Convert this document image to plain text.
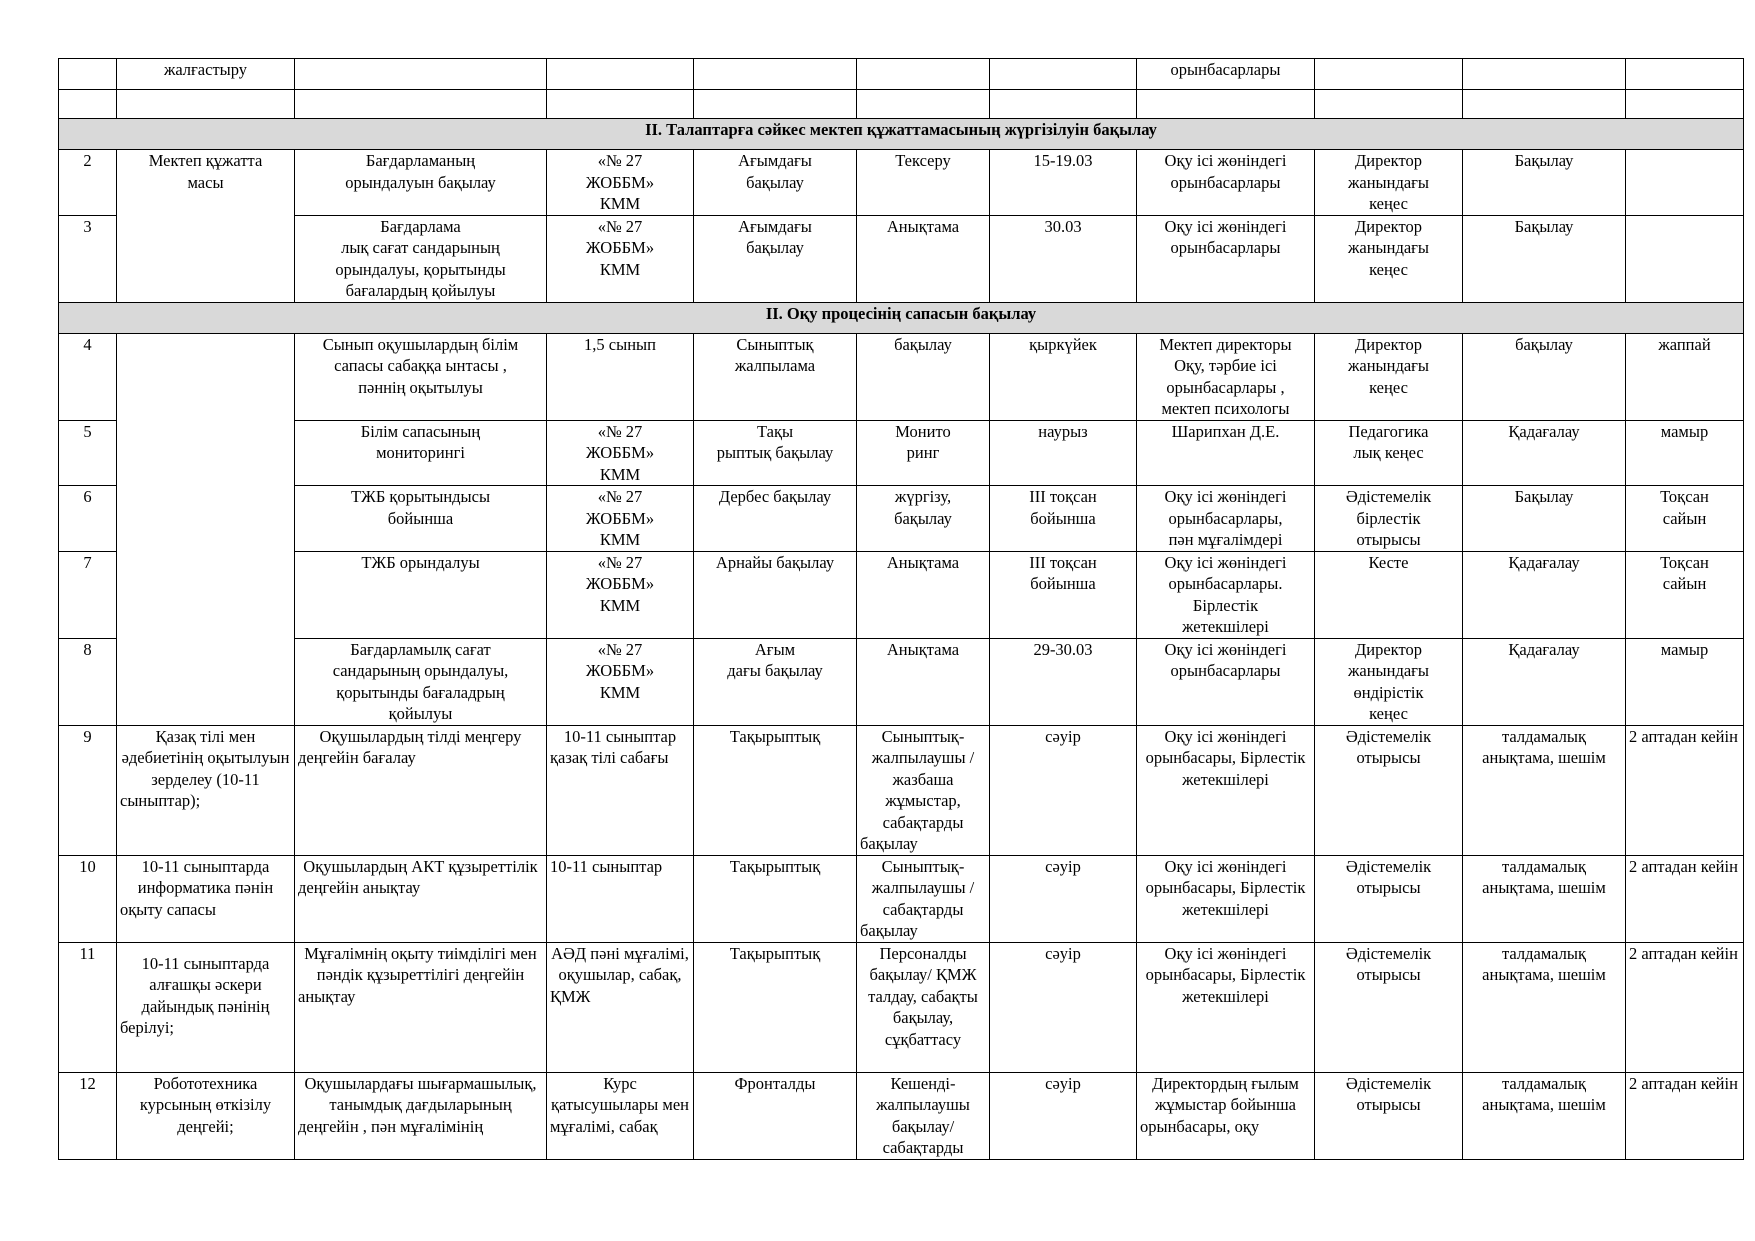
	жалғастыру						орынбасарлары			

ІІ. Талаптарға сәйкес мектеп құжаттамасының жүргізілуін бақылау										
2	Мектеп құжатта
масы	Бағдарламаның
орындалуын бақылау	«№ 27
ЖОББМ»
КММ	Ағымдағы
бақылау	Тексеру	15-19.03	Оқу ісі жөніндегі
орынбасарлары	Директор
жанындағы
кеңес	Бақылау	
3		Бағдарлама
лық сағат сандарының
орындалуы, қорытынды
бағалардың қойылуы	«№ 27
ЖОББМ»
КММ	Ағымдағы
бақылау	Анықтама	30.03	Оқу ісі жөніндегі
орынбасарлары	Директор
жанындағы
кеңес	Бақылау	
ІІ. Оқу процесінің сапасын бақылау										
4		Сынып оқушылардың білім
сапасы сабаққа ынтасы ,
пәннің оқытылуы	1,5 сынып	Сыныптық
жалпылама	бақылау	қыркүйек	Мектеп директоры
Оқу, тәрбие ісі
орынбасарлары ,
мектеп психологы	Директор
жанындағы
кеңес	бақылау	жаппай
5		Білім сапасының
мониторингі	«№ 27
ЖОББМ»
КММ	Тақы
рыптық бақылау	Монито
ринг	наурыз	Шарипхан Д.Е.	Педагогика
лық кеңес	Қадағалау	мамыр
6		ТЖБ қорытындысы
бойынша	«№ 27
ЖОББМ»
КММ	Дербес бақылау	жүргізу,
бақылау	ІІІ тоқсан
бойынша	Оқу ісі жөніндегі
орынбасарлары,
пән мұғалімдері	Әдістемелік
бірлестік
отырысы	Бақылау	Тоқсан
сайын

7		ТЖБ орындалуы	«№ 27
ЖОББМ»
КММ	Арнайы бақылау	Анықтама	ІІІ тоқсан
бойынша	Оқу ісі жөніндегі
орынбасарлары.
Бірлестік
жетекшілері	Кесте	Қадағалау	Тоқсан
сайын

8		Бағдарламылқ сағат
сандарының орындалуы,
қорытынды бағаладрың
қойылуы	«№ 27
ЖОББМ»
КММ	Ағым
дағы бақылау	Анықтама	29-30.03	Оқу ісі жөніндегі
орынбасарлары	Директор
жанындағы
өндірістік
кеңес	Қадағалау	мамыр
9	Қазақ тілі мен әдебиетінің оқытылуын зерделеу (10-11 сыныптар);	Оқушылардың тілді меңгеру деңгейін бағалау	10-11 сыныптар қазақ тілі сабағы	Тақырыптық	Сыныптық-жалпылаушы / жазбаша жұмыстар, сабақтарды бақылау	сәуір	Оқу ісі жөніндегі орынбасары, Бірлестік жетекшілері	Әдістемелік отырысы	талдамалық анықтама, шешім	2 аптадан кейін
10	10-11 сыныптарда информатика пәнін оқыту сапасы	Оқушылардың АКТ құзыреттілік деңгейін анықтау	10-11 сыныптар	Тақырыптық	Сыныптық-жалпылаушы / сабақтарды бақылау	сәуір	Оқу ісі жөніндегі орынбасары, Бірлестік жетекшілері	Әдістемелік отырысы	талдамалық анықтама, шешім	2 аптадан кейін
11	10-11 сыныптарда алғашқы әскери дайындық пәнінің берілуі;	Мұғалімнің оқыту тиімділігі мен пәндік құзыреттілігі деңгейін анықтау	АӘД пәні мұғалімі, оқушылар, сабақ, ҚМЖ	Тақырыптық	Персоналды бақылау/ ҚМЖ талдау, сабақты бақылау, сұқбаттасу	сәуір	Оқу ісі жөніндегі орынбасары, Бірлестік жетекшілері	Әдістемелік отырысы	талдамалық анықтама, шешім	2 аптадан кейін
12	Робототехника курсының өткізілу деңгейі;	Оқушылардағы шығармашылық, танымдық дағдыларының деңгейін , пән мұғалімінің	Курс қатысушылары мен мұғалімі, сабақ	Фронталды	Кешенді-жалпылаушы бақылау/ сабақтарды	сәуір	Директордың ғылым жұмыстар бойынша орынбасары, оқу	Әдістемелік отырысы	талдамалық анықтама, шешім	2 аптадан кейін
